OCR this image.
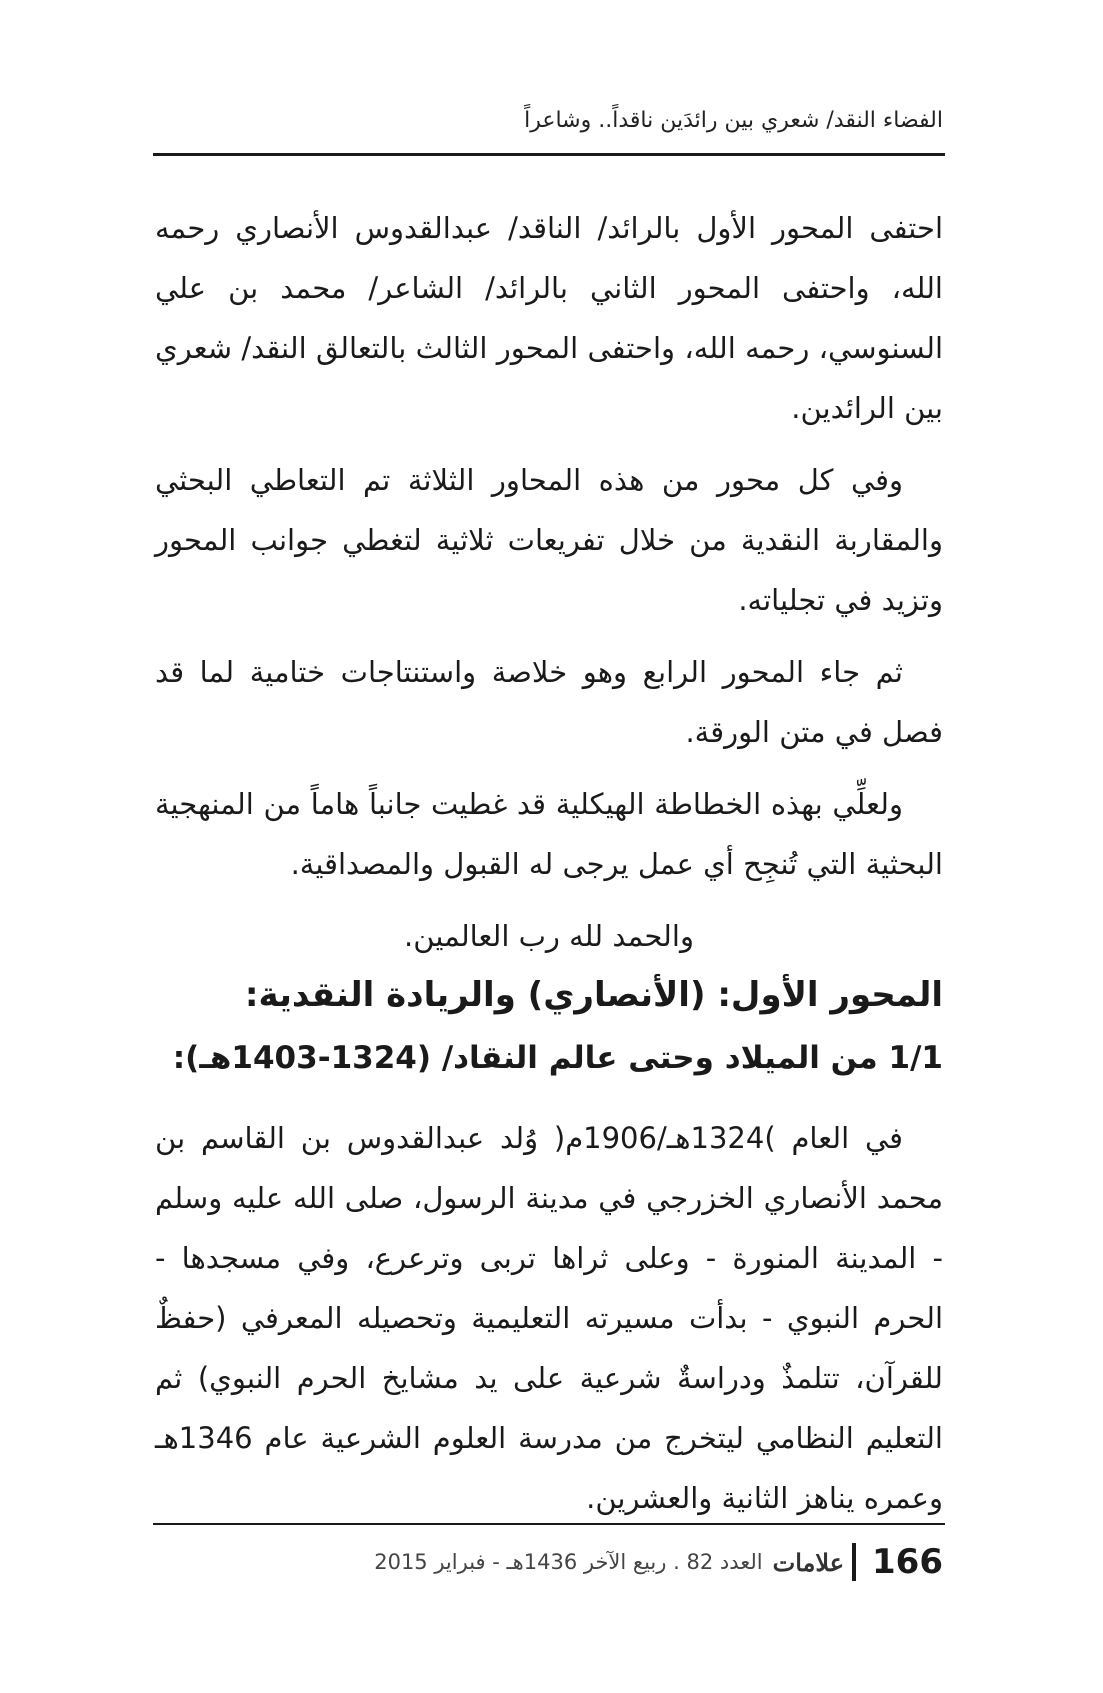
الفضاء النقد/ شعري بين رائدَين ناقداً.. وشاعراً

احتفى المحور الأول بالرائد/ الناقد/ عبدالقدوس الأنصاري رحمه الله، واحتفى المحور الثاني بالرائد/ الشاعر/ محمد بن علي السنوسي، رحمه الله، واحتفى المحور الثالث بالتعالق النقد/ شعري بين الرائدين.

وفي كل محور من هذه المحاور الثلاثة تم التعاطي البحثي والمقاربة النقدية من خلال تفريعات ثلاثية لتغطي جوانب المحور وتزيد في تجلياته.

ثم جاء المحور الرابع وهو خلاصة واستنتاجات ختامية لما قد فصل في متن الورقة.

ولعلِّي بهذه الخطاطة الهيكلية قد غطيت جانباً هاماً من المنهجية البحثية التي تُنجِح أي عمل يرجى له القبول والمصداقية.

والحمد لله رب العالمين.

المحور الأول: (الأنصاري) والريادة النقدية:
1/1 من الميلاد وحتى عالم النقاد/ (1324-1403هـ):

في العام )1324هـ/1906م( وُلد عبدالقدوس بن القاسم بن محمد الأنصاري الخزرجي في مدينة الرسول، صلى الله عليه وسلم - المدينة المنورة - وعلى ثراها تربى وترعرع، وفي مسجدها - الحرم النبوي - بدأت مسيرته التعليمية وتحصيله المعرفي (حفظٌ للقرآن، تتلمذٌ ودراسةٌ شرعية على يد مشايخ الحرم النبوي) ثم التعليم النظامي ليتخرج من مدرسة العلوم الشرعية عام 1346هـ وعمره يناهز الثانية والعشرين.

166
علامات
العدد 82 . ربيع الآخر 1436هـ - فبراير 2015
